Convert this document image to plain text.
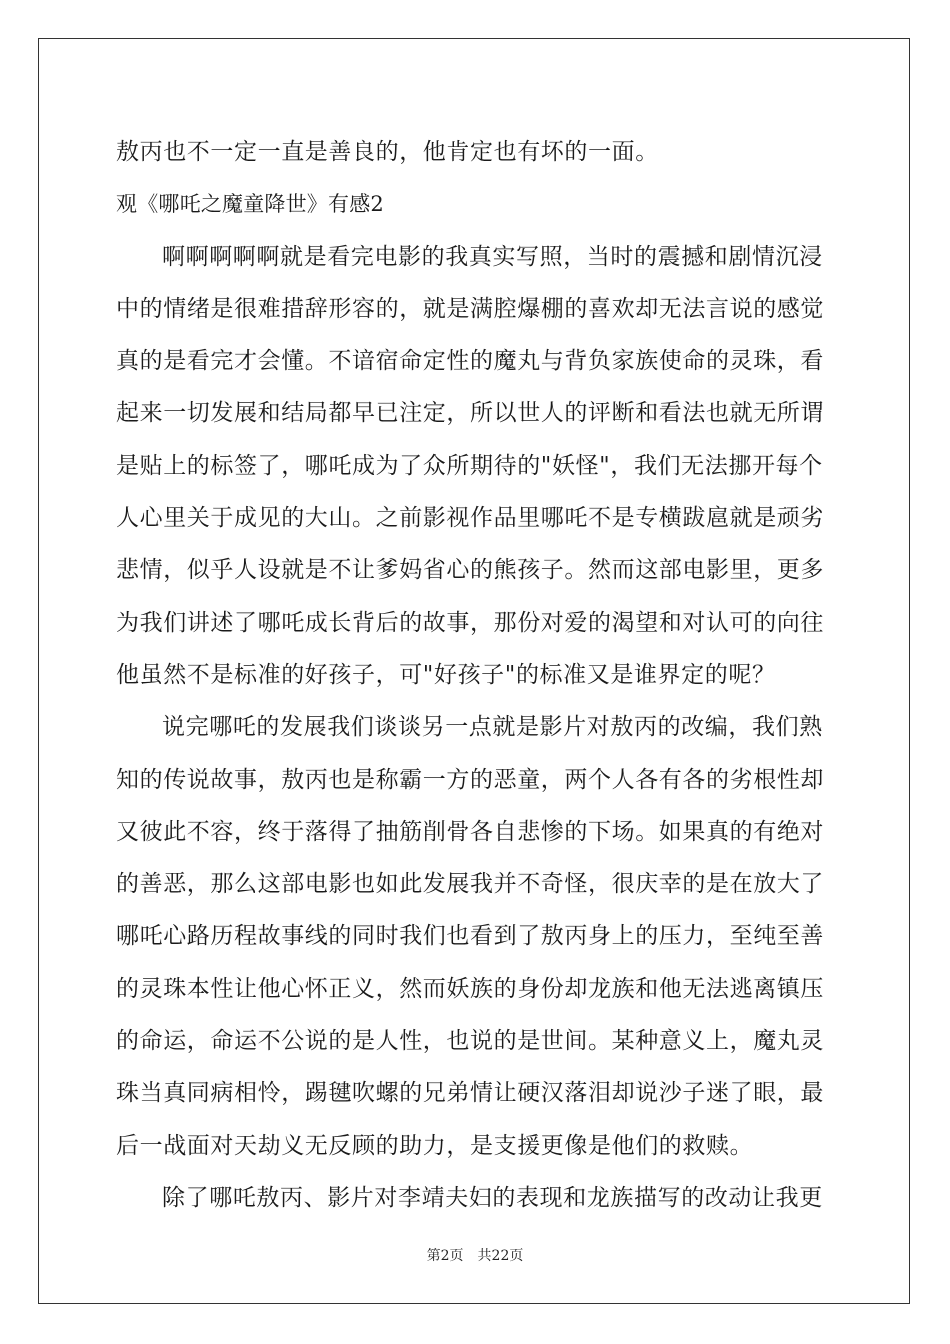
敖丙也不一定一直是善良的，他肯定也有坏的一面。
观《哪吒之魔童降世》有感2
啊啊啊啊啊就是看完电影的我真实写照，当时的震撼和剧情沉浸
中的情绪是很难措辞形容的，就是满腔爆棚的喜欢却无法言说的感觉
真的是看完才会懂。不谙宿命定性的魔丸与背负家族使命的灵珠，看
起来一切发展和结局都早已注定，所以世人的评断和看法也就无所谓
是贴上的标签了，哪吒成为了众所期待的"妖怪"，我们无法挪开每个
人心里关于成见的大山。之前影视作品里哪吒不是专横跋扈就是顽劣
悲情，似乎人设就是不让爹妈省心的熊孩子。然而这部电影里，更多
为我们讲述了哪吒成长背后的故事，那份对爱的渴望和对认可的向往
他虽然不是标准的好孩子，可"好孩子"的标准又是谁界定的呢？
说完哪吒的发展我们谈谈另一点就是影片对敖丙的改编，我们熟
知的传说故事，敖丙也是称霸一方的恶童，两个人各有各的劣根性却
又彼此不容，终于落得了抽筋削骨各自悲惨的下场。如果真的有绝对
的善恶，那么这部电影也如此发展我并不奇怪，很庆幸的是在放大了
哪吒心路历程故事线的同时我们也看到了敖丙身上的压力，至纯至善
的灵珠本性让他心怀正义，然而妖族的身份却龙族和他无法逃离镇压
的命运，命运不公说的是人性，也说的是世间。某种意义上，魔丸灵
珠当真同病相怜，踢毽吹螺的兄弟情让硬汉落泪却说沙子迷了眼，最
后一战面对天劫义无反顾的助力，是支援更像是他们的救赎。
除了哪吒敖丙、影片对李靖夫妇的表现和龙族描写的改动让我更
第2页 共22页
